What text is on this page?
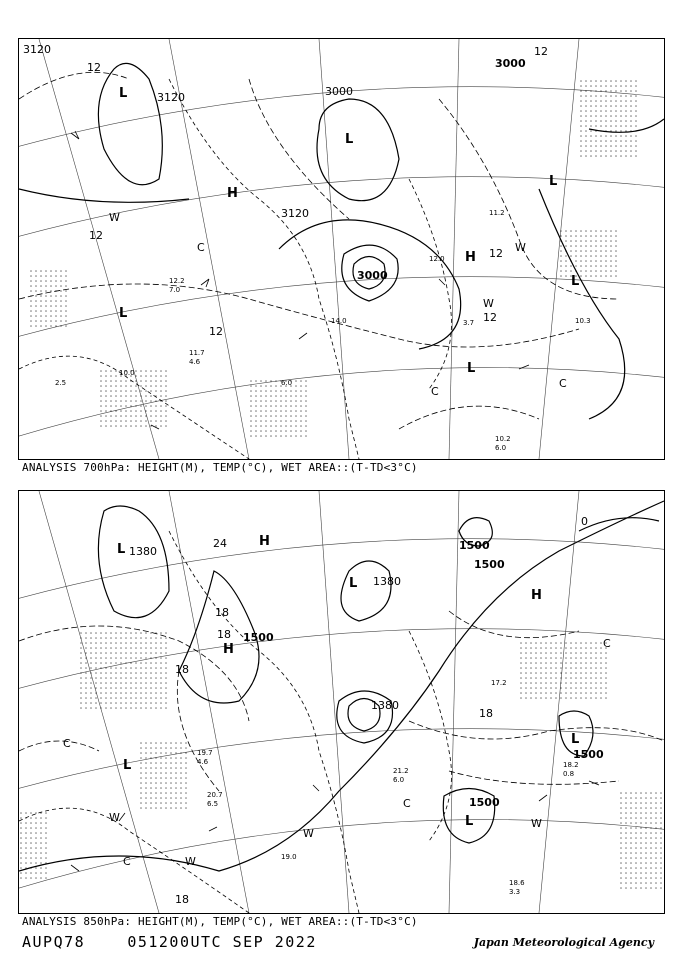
3120
3120
3120
3000
3000
3000
12
12
12
12
12
12
L
L
L
L
L
L
H
H
W
W
W
C
C
C
11.2
12.0
10.2
6.0
10.0
11.7
4.6
12.2
7.0
10.3
3.7
14.0
6.0
2.5
ANALYSIS 700hPa: HEIGHT(M), TEMP(°C), WET AREA::(T-TD<3°C)
1380
1380
1380
1500
1500
1500
1500
1500
24
18
18
18
18
18
0
L
L
L
L
L
H
H
H
W
W
W
W
C
C
C
C
18.6
3.3
19.0
20.7
6.5
21.2
6.0
17.2
19.7
4.6	18.2
0.8
ANALYSIS 850hPa: HEIGHT(M), TEMP(°C), WET AREA::(T-TD<3°C)
AUPQ78	051200UTC SEP 2022	Japan Meteorological Agency
